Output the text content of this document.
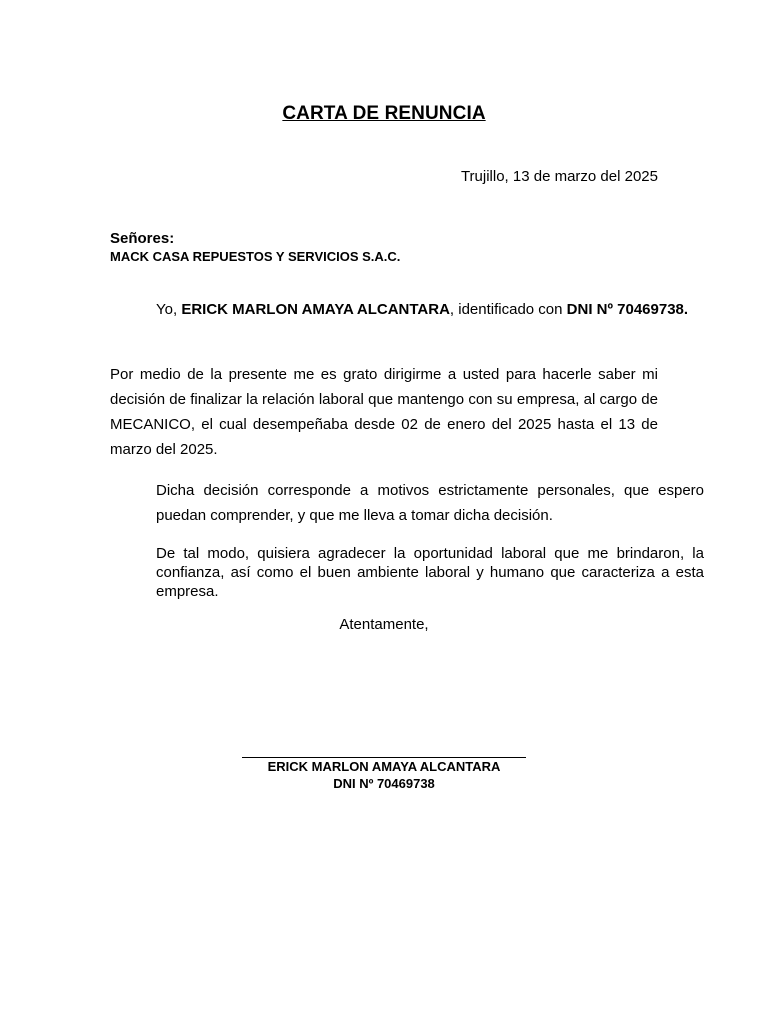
CARTA DE RENUNCIA
Trujillo, 13 de marzo del 2025
Señores:
MACK CASA REPUESTOS Y SERVICIOS S.A.C.
Yo, ERICK MARLON AMAYA ALCANTARA, identificado con DNI Nº 70469738.
Por medio de la presente me es grato dirigirme a usted para hacerle saber mi decisión de finalizar la relación laboral que mantengo con su empresa, al cargo de MECANICO, el cual desempeñaba desde 02 de enero del 2025 hasta el 13 de marzo del 2025.
Dicha decisión corresponde a motivos estrictamente personales, que espero puedan comprender, y que me lleva a tomar dicha decisión.
De tal modo, quisiera agradecer la oportunidad laboral que me brindaron, la confianza, así como el buen ambiente laboral y humano que caracteriza a esta empresa.
Atentamente,
ERICK MARLON AMAYA ALCANTARA
DNI Nº 70469738
